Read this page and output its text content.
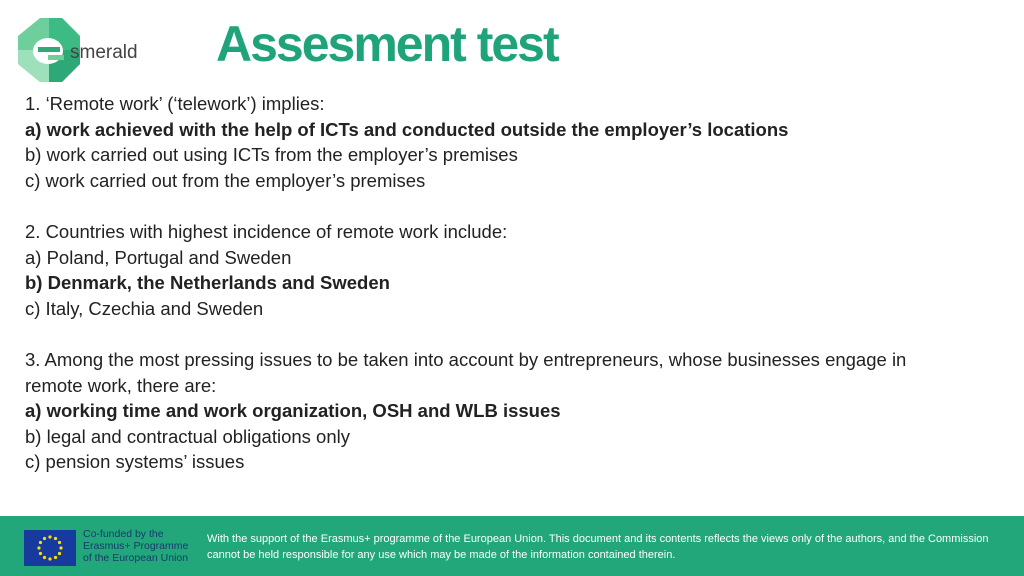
smerald Assesment test
1. ‘Remote work’ (‘telework’) implies:
a) work achieved with the help of ICTs and conducted outside the employer’s locations
b) work carried out using ICTs from the employer’s premises
c) work carried out from the employer’s premises
2. Countries with highest incidence of remote work include:
a) Poland, Portugal and Sweden
b) Denmark, the Netherlands and Sweden
c) Italy, Czechia and Sweden
3. Among the most pressing issues to be taken into account by entrepreneurs, whose businesses engage in
remote work, there are:
a) working time and work organization, OSH and WLB issues
b) legal and contractual obligations only
c) pension systems’ issues
Co-funded by the
Erasmus+ Programme
of the European Union
With the support of the Erasmus+ programme of the European Union. This document and its contents reflects the views only of the authors, and the Commission cannot be held responsible for any use which may be made of the information contained therein.
